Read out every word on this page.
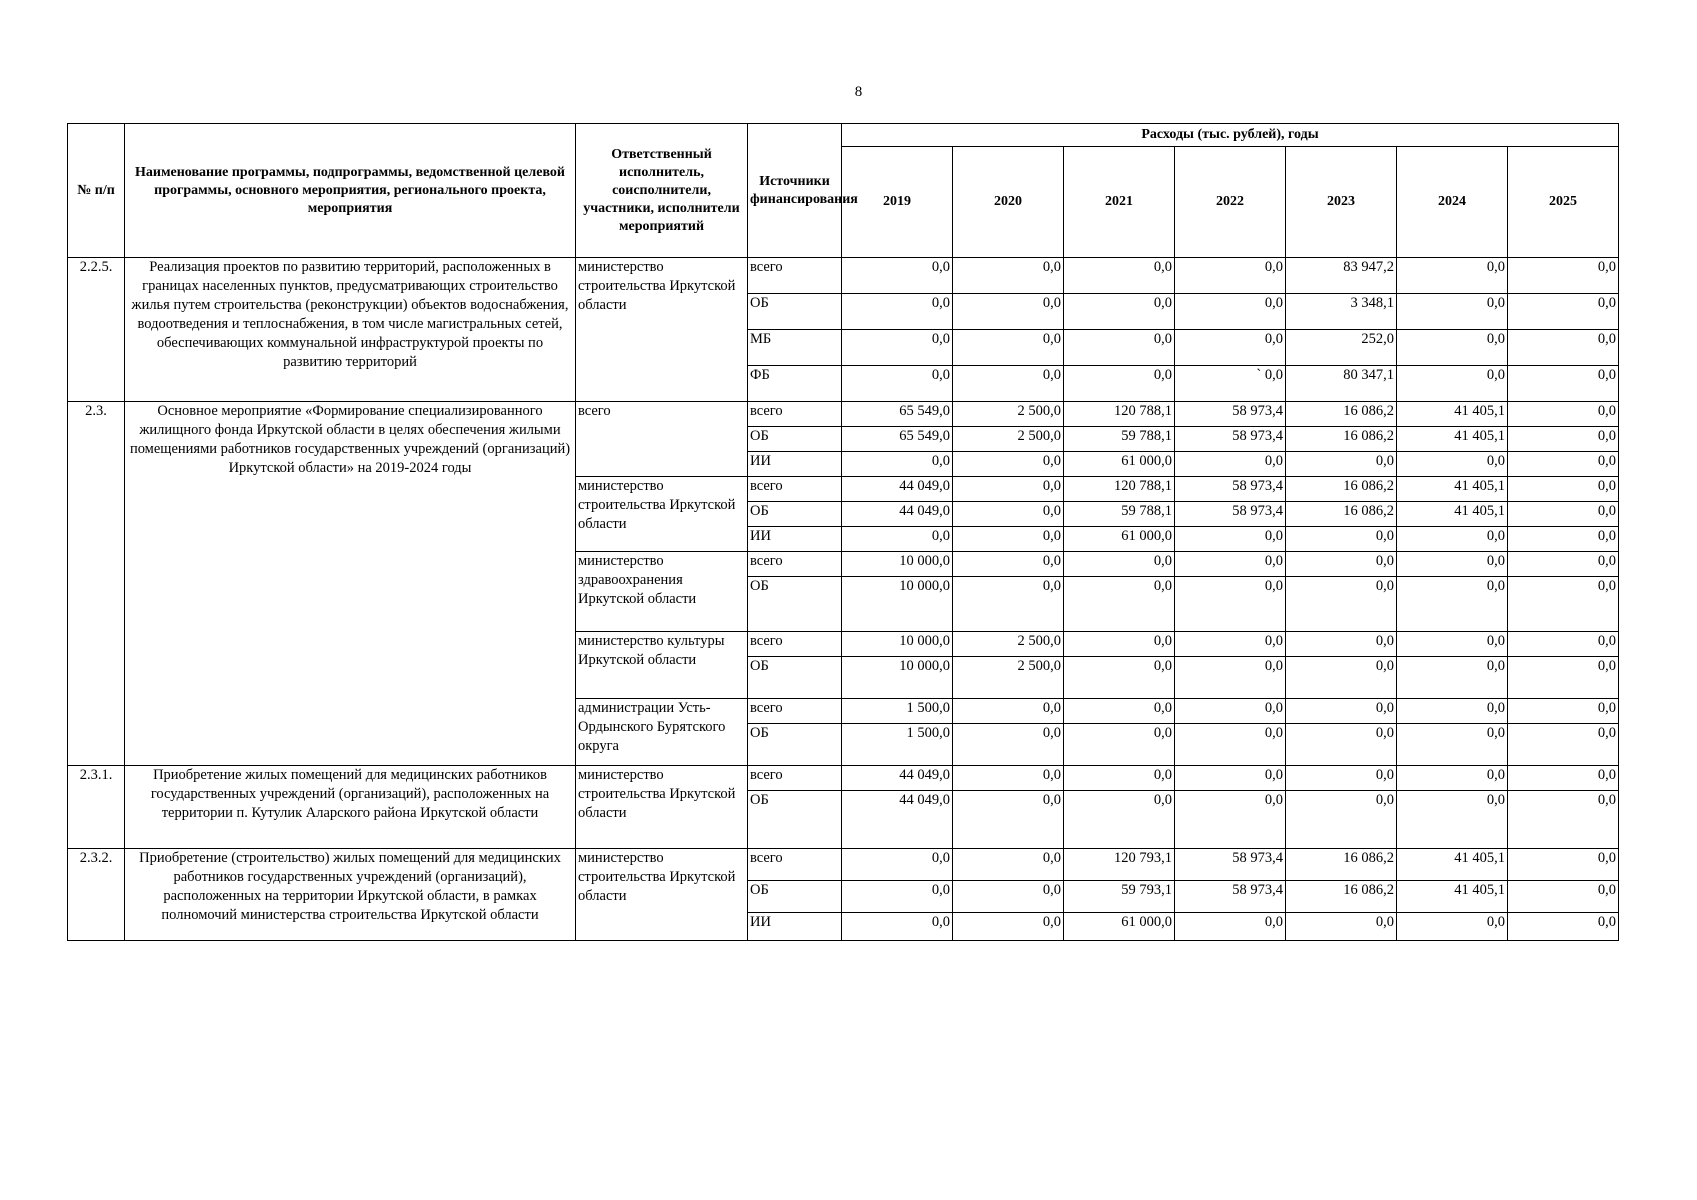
8
№ п/п	Наименование программы, подпрограммы, ведомственной целевой программы, основного мероприятия, регионального проекта, мероприятия	Ответственный исполнитель, соисполнители, участники, исполнители мероприятий	Источники финансирования	Расходы (тыс. рублей), годы						
				2019	2020	2021	2022	2023	2024	2025
2.2.5.	Реализация проектов по развитию территорий, расположенных в границах населенных пунктов, предусматривающих строительство жилья путем строительства (реконструкции) объектов водоснабжения, водоотведения и теплоснабжения, в том числе магистральных сетей, обеспечивающих коммунальной инфраструктурой проекты по развитию территорий	министерство строительства Иркутской области	всего	0,0	0,0	0,0	0,0	83 947,2	0,0	0,0
			ОБ	0,0	0,0	0,0	0,0	3 348,1	0,0	0,0
			МБ	0,0	0,0	0,0	0,0	252,0	0,0	0,0
			ФБ	0,0	0,0	0,0	` 0,0	80 347,1	0,0	0,0
2.3.	Основное мероприятие «Формирование специализированного жилищного фонда Иркутской области в целях обеспечения жилыми помещениями работников государственных учреждений (организаций) Иркутской области» на 2019-2024 годы	всего	всего	65 549,0	2 500,0	120 788,1	58 973,4	16 086,2	41 405,1	0,0
			ОБ	65 549,0	2 500,0	59 788,1	58 973,4	16 086,2	41 405,1	0,0
			ИИ	0,0	0,0	61 000,0	0,0	0,0	0,0	0,0
		министерство строительства Иркутской области	всего	44 049,0	0,0	120 788,1	58 973,4	16 086,2	41 405,1	0,0
			ОБ	44 049,0	0,0	59 788,1	58 973,4	16 086,2	41 405,1	0,0
			ИИ	0,0	0,0	61 000,0	0,0	0,0	0,0	0,0
		министерство здравоохранения Иркутской области	всего	10 000,0	0,0	0,0	0,0	0,0	0,0	0,0
			ОБ	10 000,0	0,0	0,0	0,0	0,0	0,0	0,0
		министерство культуры Иркутской области	всего	10 000,0	2 500,0	0,0	0,0	0,0	0,0	0,0
			ОБ	10 000,0	2 500,0	0,0	0,0	0,0	0,0	0,0
		администрации Усть-Ордынского Бурятского округа	всего	1 500,0	0,0	0,0	0,0	0,0	0,0	0,0
			ОБ	1 500,0	0,0	0,0	0,0	0,0	0,0	0,0
2.3.1.	Приобретение жилых помещений для медицинских работников государственных учреждений (организаций), расположенных на территории п. Кутулик Аларского района Иркутской области	министерство строительства Иркутской области	всего	44 049,0	0,0	0,0	0,0	0,0	0,0	0,0
			ОБ	44 049,0	0,0	0,0	0,0	0,0	0,0	0,0
2.3.2.	Приобретение (строительство) жилых помещений для медицинских работников государственных учреждений (организаций), расположенных на территории Иркутской области, в рамках полномочий министерства строительства Иркутской области	министерство строительства Иркутской области	всего	0,0	0,0	120 793,1	58 973,4	16 086,2	41 405,1	0,0
			ОБ	0,0	0,0	59 793,1	58 973,4	16 086,2	41 405,1	0,0
			ИИ	0,0	0,0	61 000,0	0,0	0,0	0,0	0,0
